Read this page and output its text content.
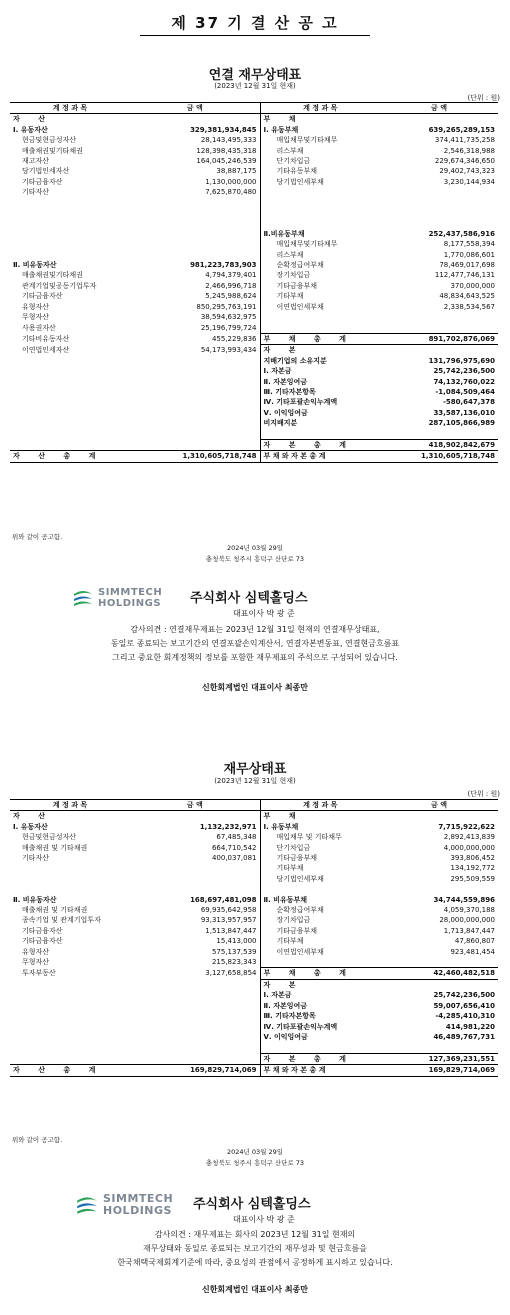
제 37 기 결 산 공 고
연결 재무상태표
(2023년 12월 31일 현재)
(단위 : 원)
계 정 과 목	금 액	계 정 과 목	금 액
자 산		부 채	
Ⅰ. 유동자산	329,381,934,845	Ⅰ. 유동부채	639,265,289,153
현금및현금성자산	28,143,495,333	매입채무및기타채무	374,411,735,258
매출채권및기타채권	128,398,435,318	리스부채	2,546,318,988
재고자산	164,045,246,539	단기차입금	229,674,346,650
당기법인세자산	38,887,175	기타유동부채	29,402,743,323
기타금융자산	1,130,000,000	당기법인세부채	3,230,144,934
기타자산	7,625,870,480		

		Ⅱ.비유동부채	252,437,586,916
		매입채무및기타채무	8,177,558,394
		리스부채	1,770,086,601
Ⅱ. 비유동자산	981,223,783,903	순확정급여부채	78,469,017,698
매출채권및기타채권	4,794,379,401	장기차입금	112,477,746,131
관계기업및공동기업투자	2,466,996,718	기타금융부채	370,000,000
기타금융자산	5,245,988,624	기타부채	48,834,643,525
유형자산	850,295,763,191	이연법인세부채	2,338,534,567
무형자산	38,594,632,975		
사용권자산	25,196,799,724		
기타비유동자산	455,229,836	부 채 총 계	891,702,876,069
이연법인세자산	54,173,993,434	자 본	
		지배기업의 소유지분	131,796,975,690
		Ⅰ. 자본금	25,742,236,500
		Ⅱ. 자본잉여금	74,132,760,022
		Ⅲ. 기타자본항목	-1,084,509,464
		Ⅳ. 기타포괄손익누계액	-580,647,378
		Ⅴ. 이익잉여금	33,587,136,010
		비지배지분	287,105,866,989

		자 본 총 계	418,902,842,679
자 산 총 계	1,310,605,718,748	부 채 와 자 본 총 계	1,310,605,718,748
위와 같이 공고함.
2024년 03월 29일
충청북도 청주시 흥덕구 산단로 73
SIMMTECH
HOLDINGS 주식회사 심텍홀딩스
대표이사 박 광 준
감사의견 : 연결재무제표는 2023년 12월 31일 현재의 연결재무상태표,
동일로 종료되는 보고기간의 연결포괄손익계산서, 연결자본변동표, 연결현금흐름표
그리고 중요한 회계정책의 정보를 포함한 재무제표의 주석으로 구성되어 있습니다.
신한회계법인 대표이사 최종만
재무상태표
(2023년 12월 31일 현재)
(단위 : 원)
계 정 과 목	금 액	계 정 과 목	금 액
자 산		부 채	
Ⅰ. 유동자산	1,132,232,971	Ⅰ. 유동부채	7,715,922,622
현금및현금성자산	67,485,348	매입채무 및 기타채무	2,892,413,839
매출채권 및 기타채권	664,710,542	단기차입금	4,000,000,000
기타자산	400,037,081	기타금융부채	393,806,452
		기타부채	134,192,772
		당기법인세부채	295,509,559

Ⅱ. 비유동자산	168,697,481,098	Ⅱ. 비유동부채	34,744,559,896
매출채권 및 기타채권	69,935,642,958	순확정급여부채	4,059,370,188
종속기업 및 관계기업투자	93,313,957,957	장기차입금	28,000,000,000
기타금융자산	1,513,847,447	기타금융부채	1,713,847,447
기타금융자산	15,413,000	기타부채	47,860,807
유형자산	575,137,539	이연법인세부채	923,481,454
무형자산	215,823,343		
투자부동산	3,127,658,854	부 채 총 계	42,460,482,518
		자 본	
		Ⅰ. 자본금	25,742,236,500
		Ⅱ. 자본잉여금	59,007,656,410
		Ⅲ. 기타자본항목	-4,285,410,310
		Ⅳ. 기타포괄손익누계액	414,981,220
		Ⅴ. 이익잉여금	46,489,767,731

		자 본 총 계	127,369,231,551
자 산 총 계	169,829,714,069	부 채 와 자 본 총 계	169,829,714,069
위와 같이 공고함.
2024년 03월 29일
충청북도 청주시 흥덕구 산단로 73
SIMMTECH
HOLDINGS 주식회사 심텍홀딩스
대표이사 박 광 준
감사의견 : 재무제표는 회사의 2023년 12월 31일 현재의
재무상태와 동일로 종료되는 보고기간의 재무성과 및 현금흐름을
한국채택국제회계기준에 따라, 중요성의 관점에서 공정하게 표시하고 있습니다.
신한회계법인 대표이사 최종만
